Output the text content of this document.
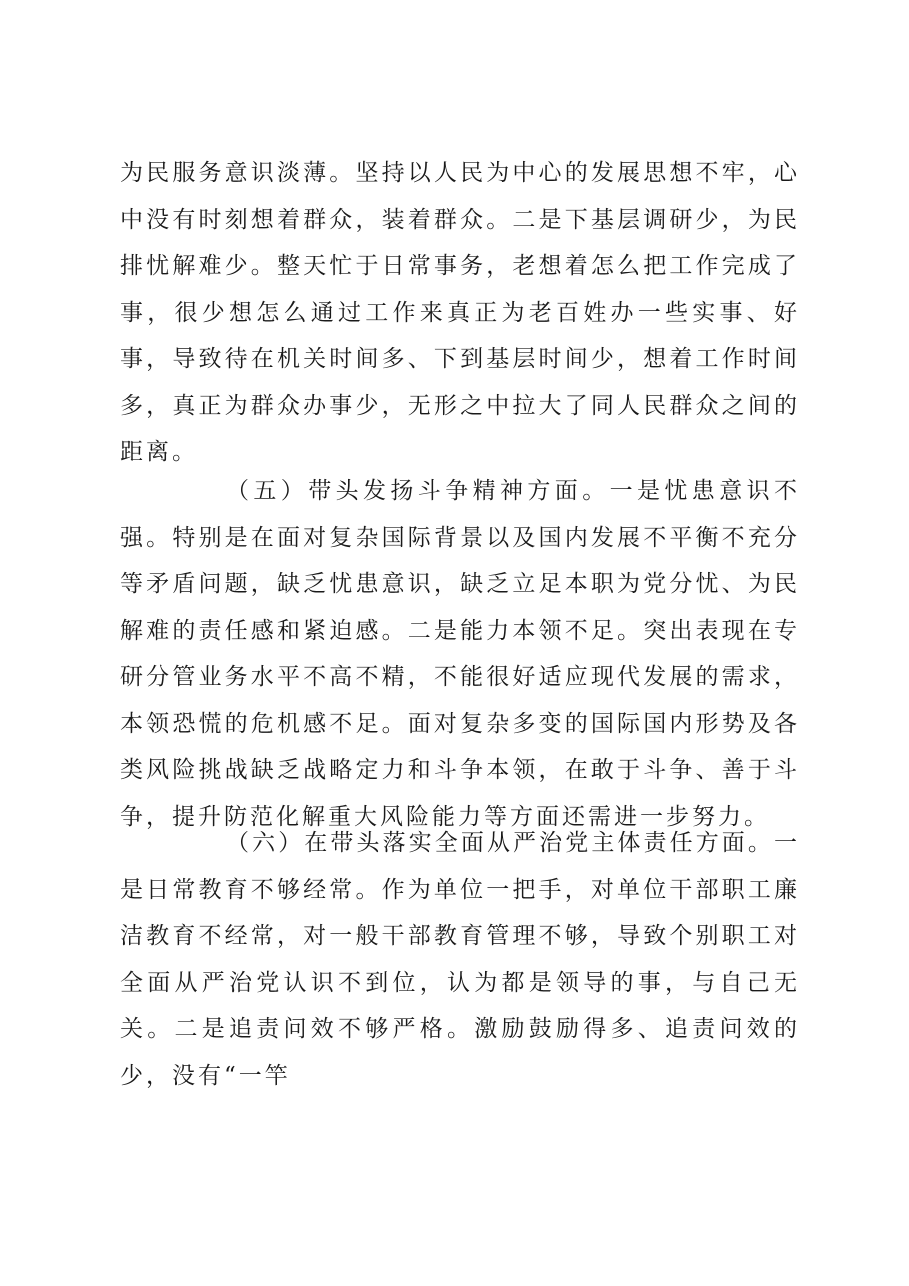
为民服务意识淡薄。坚持以人民为中心的发展思想不牢，心中没有时刻想着群众，装着群众。二是下基层调研少，为民排忧解难少。整天忙于日常事务，老想着怎么把工作完成了事，很少想怎么通过工作来真正为老百姓办一些实事、好事，导致待在机关时间多、下到基层时间少，想着工作时间多，真正为群众办事少，无形之中拉大了同人民群众之间的距离。

（五）带头发扬斗争精神方面。一是忧患意识不强。特别是在面对复杂国际背景以及国内发展不平衡不充分等矛盾问题，缺乏忧患意识，缺乏立足本职为党分忧、为民解难的责任感和紧迫感。二是能力本领不足。突出表现在专研分管业务水平不高不精，不能很好适应现代发展的需求，本领恐慌的危机感不足。面对复杂多变的国际国内形势及各类风险挑战缺乏战略定力和斗争本领，在敢于斗争、善于斗争，提升防范化解重大风险能力等方面还需进一步努力。

（六）在带头落实全面从严治党主体责任方面。一是日常教育不够经常。作为单位一把手，对单位干部职工廉洁教育不经常，对一般干部教育管理不够，导致个别职工对全面从严治党认识不到位，认为都是领导的事，与自己无关。二是追责问效不够严格。激励鼓励得多、追责问效的少，没有“一竿
